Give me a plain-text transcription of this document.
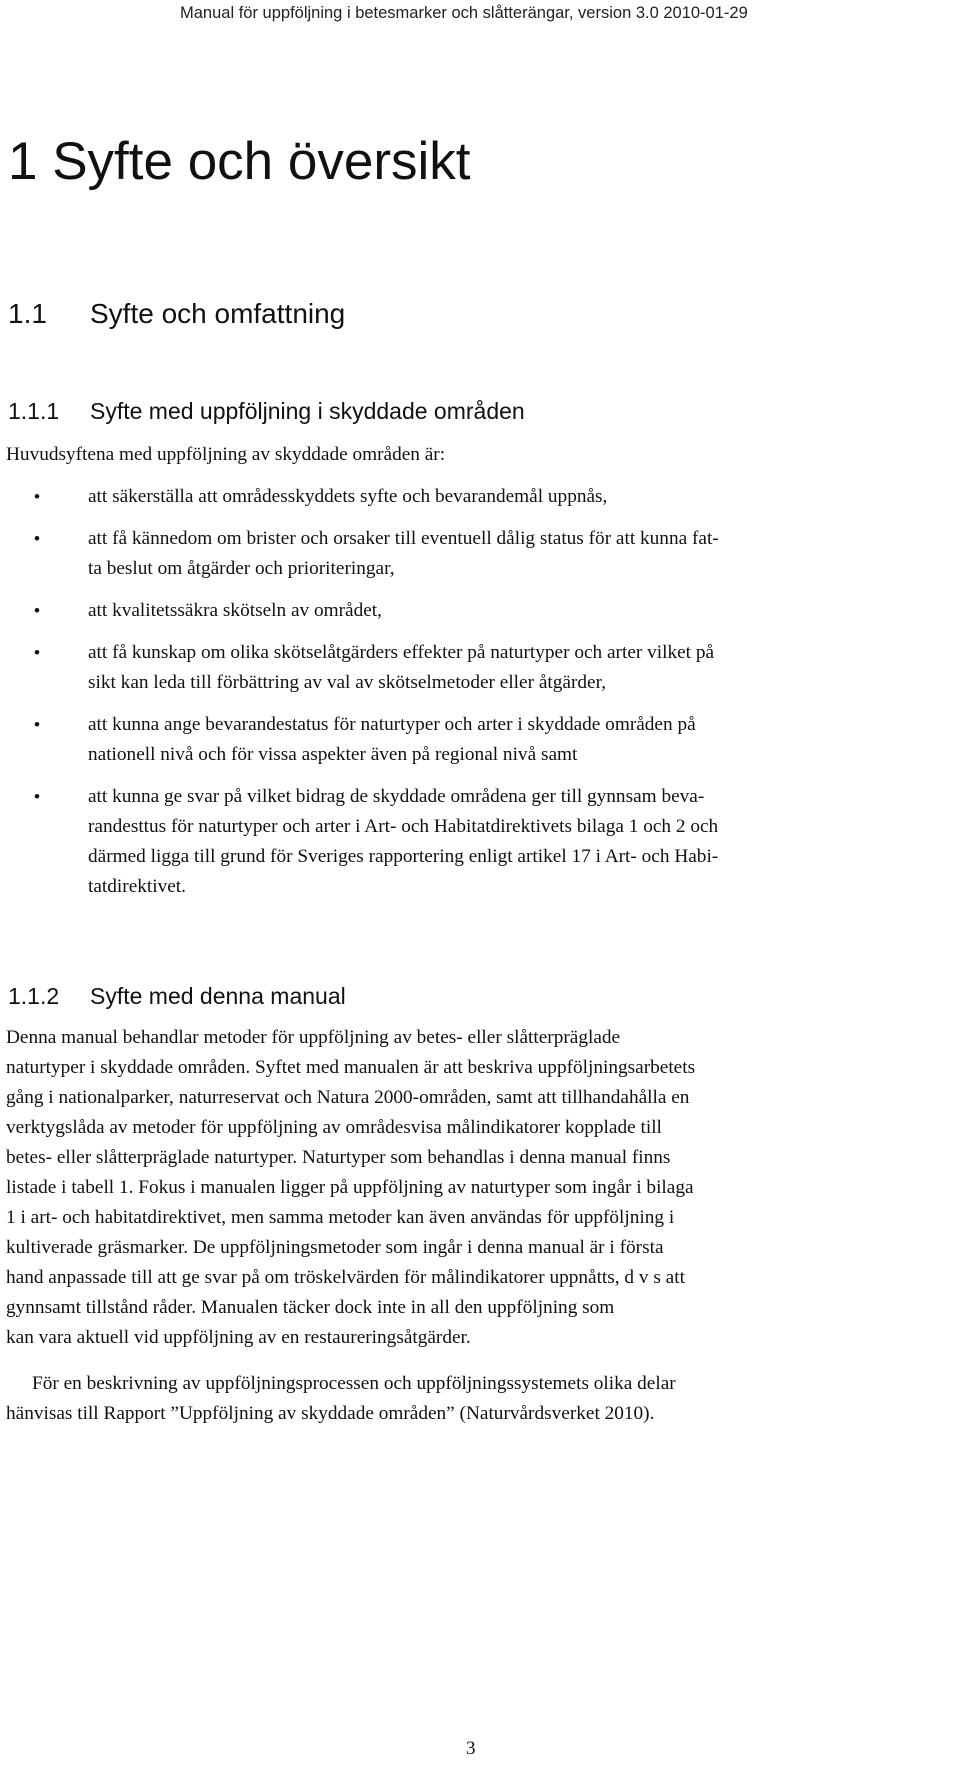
Manual för uppföljning i betesmarker och slåtterängar, version 3.0 2010-01-29
1 Syfte och översikt
1.1 Syfte och omfattning
1.1.1 Syfte med uppföljning i skyddade områden

Huvudsyftena med uppföljning av skyddade områden är:

• att säkerställa att områdesskyddets syfte och bevarandemål uppnås,
• att få kännedom om brister och orsaker till eventuell dålig status för att kunna fat-
ta beslut om åtgärder och prioriteringar,
• att kvalitetssäkra skötseln av området,
• att få kunskap om olika skötselåtgärders effekter på naturtyper och arter vilket på
sikt kan leda till förbättring av val av skötselmetoder eller åtgärder,
• att kunna ange bevarandestatus för naturtyper och arter i skyddade områden på
nationell nivå och för vissa aspekter även på regional nivå samt
• att kunna ge svar på vilket bidrag de skyddade områdena ger till gynnsam beva-
randesttus för naturtyper och arter i Art- och Habitatdirektivets bilaga 1 och 2 och
därmed ligga till grund för Sveriges rapportering enligt artikel 17 i Art- och Habi-
tatdirektivet.
1.1.2 Syfte med denna manual

Denna manual behandlar metoder för uppföljning av betes- eller slåtterpräglade
naturtyper i skyddade områden. Syftet med manualen är att beskriva uppföljningsarbetets
gång i nationalparker, naturreservat och Natura 2000-områden, samt att tillhandahålla en
verktygslåda av metoder för uppföljning av områdesvisa målindikatorer kopplade till
betes- eller slåtterpräglade naturtyper. Naturtyper som behandlas i denna manual finns
listade i tabell 1. Fokus i manualen ligger på uppföljning av naturtyper som ingår i bilaga
1 i art- och habitatdirektivet, men samma metoder kan även användas för uppföljning i
kultiverade gräsmarker. De uppföljningsmetoder som ingår i denna manual är i första
hand anpassade till att ge svar på om tröskelvärden för målindikatorer uppnåtts, d v s att
gynnsamt tillstånd råder. Manualen täcker dock inte in all den uppföljning som
kan vara aktuell vid uppföljning av en restaureringsåtgärder.

För en beskrivning av uppföljningsprocessen och uppföljningssystemets olika delar
hänvisas till Rapport ”Uppföljning av skyddade områden” (Naturvårdsverket 2010).

3
